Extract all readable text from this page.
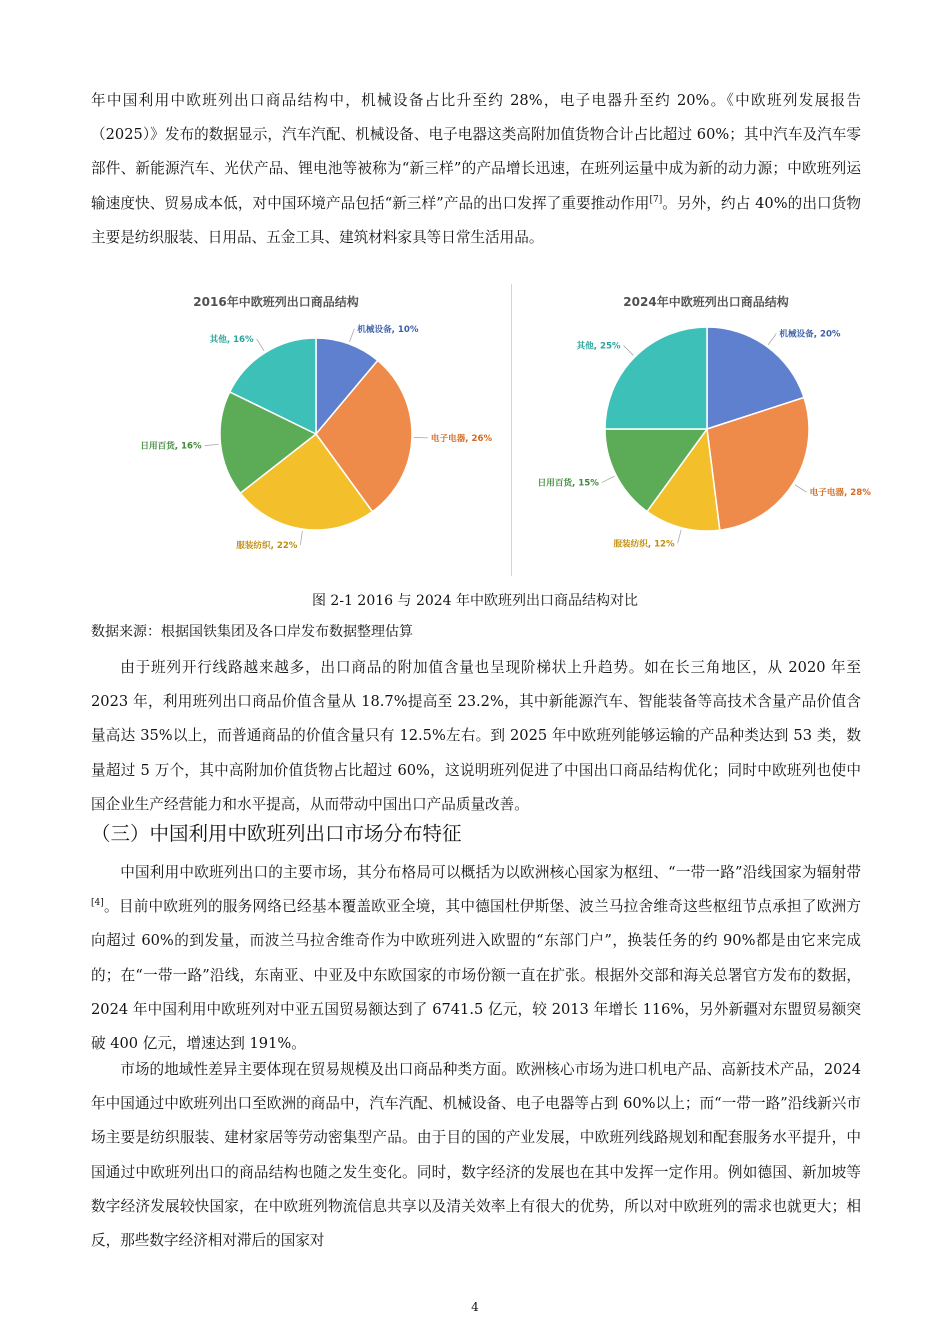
年中国利用中欧班列出口商品结构中，机械设备占比升至约 28%，电子电器升至约 20%。《中欧班列发展报告（2025）》发布的数据显示，汽车汽配、机械设备、电子电器这类高附加值货物合计占比超过 60%；其中汽车及汽车零部件、新能源汽车、光伏产品、锂电池等被称为“新三样”的产品增长迅速，在班列运量中成为新的动力源；中欧班列运输速度快、贸易成本低，对中国环境产品包括“新三样”产品的出口发挥了重要推动作用[7]。另外，约占 40%的出口货物主要是纺织服装、日用品、五金工具、建筑材料家具等日常生活用品。

2016年中欧班列出口商品结构
机械设备, 10%
电子电器, 26%
服装纺织, 22%
日用百货, 16%
其他, 16%
2024年中欧班列出口商品结构
机械设备, 20%
电子电器, 28%
服装纺织, 12%
日用百货, 15%
其他, 25%
图 2-1 2016 与 2024 年中欧班列出口商品结构对比

数据来源：根据国铁集团及各口岸发布数据整理估算

由于班列开行线路越来越多，出口商品的附加值含量也呈现阶梯状上升趋势。如在长三角地区，从 2020 年至 2023 年，利用班列出口商品价值含量从 18.7%提高至 23.2%，其中新能源汽车、智能装备等高技术含量产品价值含量高达 35%以上，而普通商品的价值含量只有 12.5%左右。到 2025 年中欧班列能够运输的产品种类达到 53 类，数量超过 5 万个，其中高附加价值货物占比超过 60%，这说明班列促进了中国出口商品结构优化；同时中欧班列也使中国企业生产经营能力和水平提高，从而带动中国出口产品质量改善。

（三）中国利用中欧班列出口市场分布特征

中国利用中欧班列出口的主要市场，其分布格局可以概括为以欧洲核心国家为枢纽、“一带一路”沿线国家为辐射带[4]。目前中欧班列的服务网络已经基本覆盖欧亚全境，其中德国杜伊斯堡、波兰马拉舍维奇这些枢纽节点承担了欧洲方向超过 60%的到发量，而波兰马拉舍维奇作为中欧班列进入欧盟的“东部门户”，换装任务的约 90%都是由它来完成的；在“一带一路”沿线，东南亚、中亚及中东欧国家的市场份额一直在扩张。根据外交部和海关总署官方发布的数据，2024 年中国利用中欧班列对中亚五国贸易额达到了 6741.5 亿元，较 2013 年增长 116%，另外新疆对东盟贸易额突破 400 亿元，增速达到 191%。

市场的地域性差异主要体现在贸易规模及出口商品种类方面。欧洲核心市场为进口机电产品、高新技术产品，2024 年中国通过中欧班列出口至欧洲的商品中，汽车汽配、机械设备、电子电器等占到 60%以上；而“一带一路”沿线新兴市场主要是纺织服装、建材家居等劳动密集型产品。由于目的国的产业发展，中欧班列线路规划和配套服务水平提升，中国通过中欧班列出口的商品结构也随之发生变化。同时，数字经济的发展也在其中发挥一定作用。例如德国、新加坡等数字经济发展较快国家，在中欧班列物流信息共享以及清关效率上有很大的优势，所以对中欧班列的需求也就更大；相反，那些数字经济相对滞后的国家对

4
